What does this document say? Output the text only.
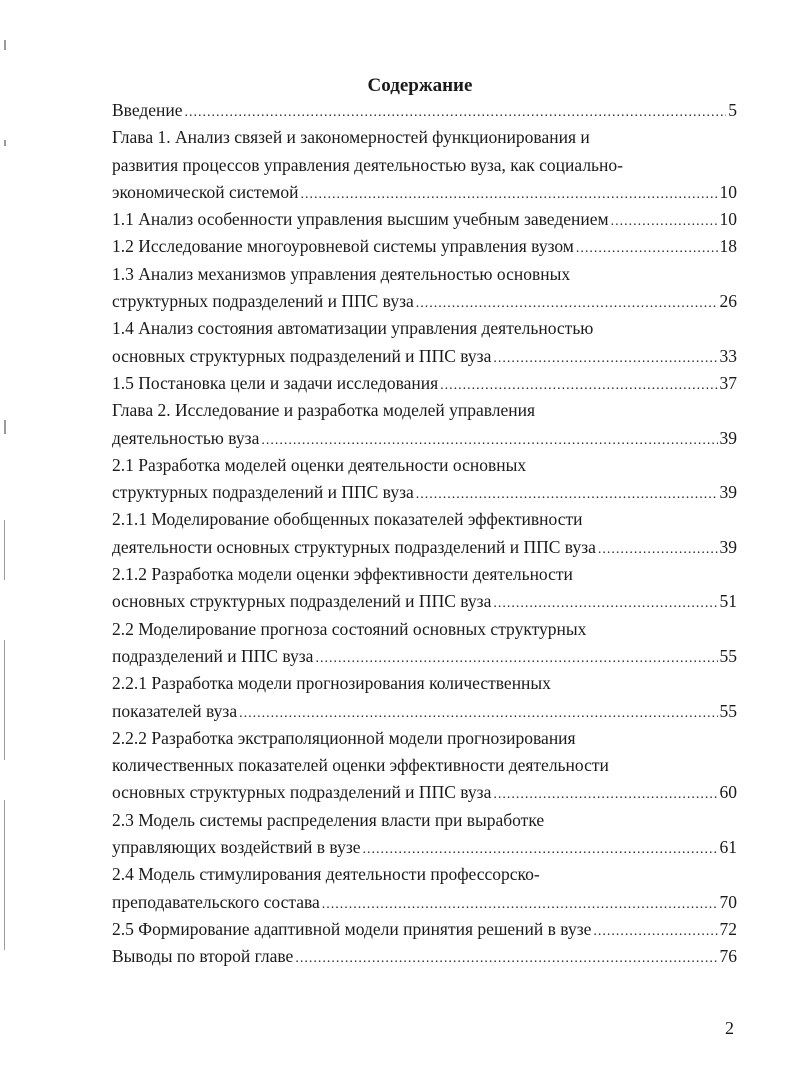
Содержание
Введение .....	5
Глава 1. Анализ связей и закономерностей функционирования и
развития процессов управления деятельностью вуза, как социально-
экономической системой .....	10
1.1 Анализ особенности управления высшим учебным заведением .....	10
1.2 Исследование многоуровневой системы управления вузом .....	18
1.3 Анализ механизмов управления деятельностью основных
структурных подразделений и ППС вуза .....	26
1.4 Анализ состояния автоматизации управления деятельностью
основных структурных подразделений и ППС вуза .....	33
1.5 Постановка цели и задачи исследования .....	37
Глава 2. Исследование и разработка моделей управления
деятельностью вуза .....	39
2.1 Разработка моделей оценки деятельности основных
структурных подразделений и ППС вуза .....	39
2.1.1 Моделирование обобщенных показателей эффективности
деятельности основных структурных подразделений и ППС вуза .....	39
2.1.2 Разработка модели оценки эффективности деятельности
основных структурных подразделений и ППС вуза .....	51
2.2 Моделирование прогноза состояний основных структурных
подразделений и ППС вуза .....	55
2.2.1 Разработка модели прогнозирования количественных
показателей вуза .....	55
2.2.2 Разработка экстраполяционной модели прогнозирования
количественных показателей оценки эффективности деятельности
основных структурных подразделений и ППС вуза .....	60
2.3 Модель системы распределения власти при выработке
управляющих воздействий в вузе .....	61
2.4 Модель стимулирования деятельности профессорско-
преподавательского состава .....	70
2.5 Формирование адаптивной модели принятия решений в вузе .....	72
Выводы по второй главе .....	76
2
